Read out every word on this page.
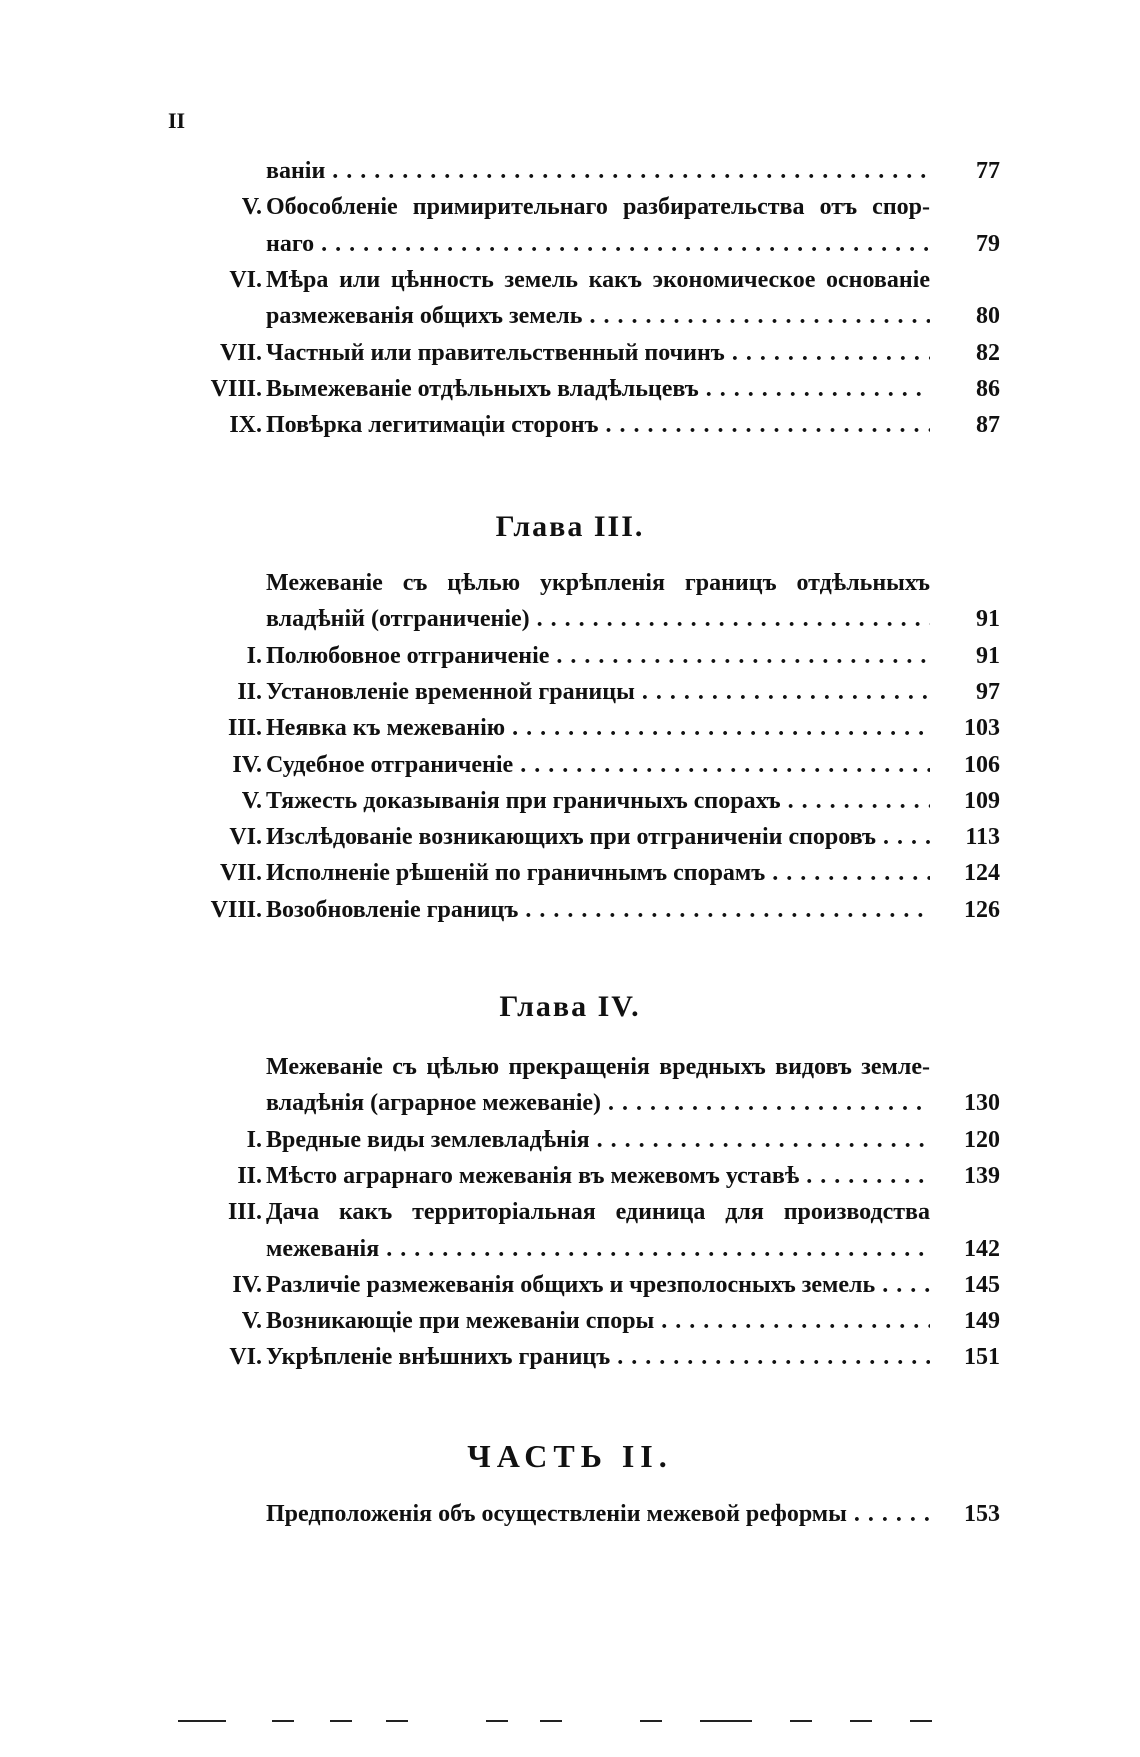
II
ваніи . . .	77
V. Обособленіе примирительнаго разбирательства отъ спор-
наго . . .	79
VI. Мѣра или цѣнность земель какъ экономическое основаніе
размежеванія общихъ земель . . .	80
VII. Частный или правительственный починъ . . .	82
VIII. Вымежеваніе отдѣльныхъ владѣльцевъ . . .	86
IX. Повѣрка легитимаціи сторонъ . . .	87
Межеваніе съ цѣлью укрѣпленія границъ отдѣльныхъ
владѣній (отграниченіе) . . .	91
I. Полюбовное отграниченіе . . .	91
II. Установленіе временной границы . . .	97
III. Неявка къ межеванію . . .	103
IV. Судебное отграниченіе . . .	106
V. Тяжесть доказыванія при граничныхъ спорахъ . . .	109
VI. Изслѣдованіе возникающихъ при отграниченіи споровъ . . .	113
VII. Исполненіе рѣшеній по граничнымъ спорамъ . . .	124
VIII. Возобновленіе границъ . . .	126
Межеваніе съ цѣлью прекращенія вредныхъ видовъ земле-
владѣнія (аграрное межеваніе) . . .	130
I. Вредные виды землевладѣнія . . .	120
II. Мѣсто аграрнаго межеванія въ межевомъ уставѣ . . .	139
III. Дача какъ территоріальная единица для производства
межеванія . . .	142
IV. Различіе размежеванія общихъ и чрезполосныхъ земель . . .	145
V. Возникающіе при межеваніи споры . . .	149
VI. Укрѣпленіе внѣшнихъ границъ . . .	151
Предположенія объ осуществленіи межевой реформы . . .	153
Глава III.
Глава IV.
ЧАСТЬ II.
